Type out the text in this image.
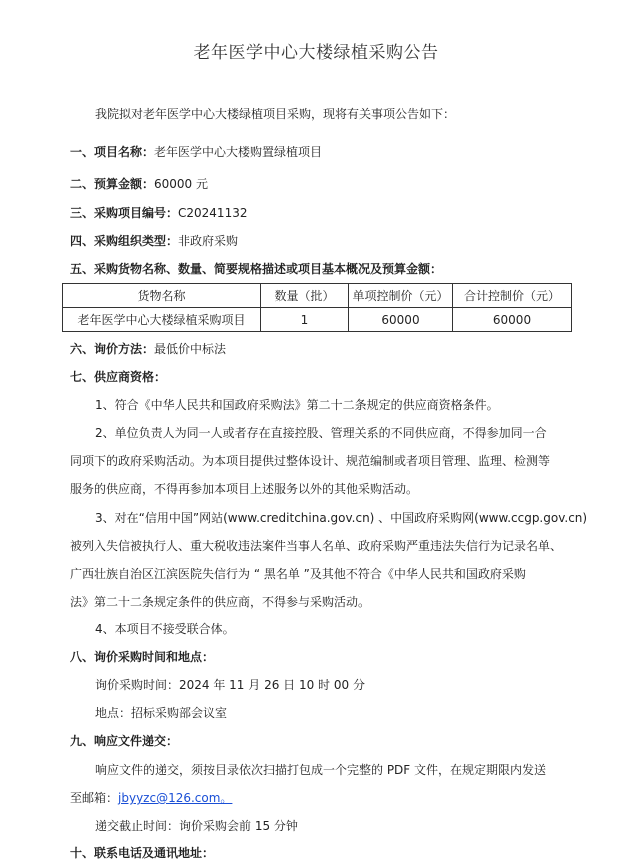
老年医学中心大楼绿植采购公告
我院拟对老年医学中心大楼绿植项目采购，现将有关事项公告如下：
一、项目名称：老年医学中心大楼购置绿植项目
二、预算金额：60000 元
三、采购项目编号：C20241132
四、采购组织类型：非政府采购
五、采购货物名称、数量、简要规格描述或项目基本概况及预算金额：
货物名称	数量（批）	单项控制价（元）	合计控制价（元）
老年医学中心大楼绿植采购项目	1	60000	60000
六、询价方法：最低价中标法
七、供应商资格：
1、符合《中华人民共和国政府采购法》第二十二条规定的供应商资格条件。
2、单位负责人为同一人或者存在直接控股、管理关系的不同供应商，不得参加同一合
同项下的政府采购活动。为本项目提供过整体设计、规范编制或者项目管理、监理、检测等
服务的供应商，不得再参加本项目上述服务以外的其他采购活动。
3、对在“信用中国”网站(www.creditchina.gov.cn) 、中国政府采购网(www.ccgp.gov.cn)
被列入失信被执行人、重大税收违法案件当事人名单、政府采购严重违法失信行为记录名单、
广西壮族自治区江滨医院失信行为 “ 黑名单 ”及其他不符合《中华人民共和国政府采购
法》第二十二条规定条件的供应商，不得参与采购活动。
4、本项目不接受联合体。
八、询价采购时间和地点：
询价采购时间：2024 年 11 月 26 日 10 时 00 分
地点：招标采购部会议室
九、响应文件递交：
响应文件的递交，须按目录依次扫描打包成一个完整的 PDF 文件，在规定期限内发送
至邮箱：jbyyzc@126.com。
递交截止时间：询价采购会前 15 分钟
十、联系电话及通讯地址：
